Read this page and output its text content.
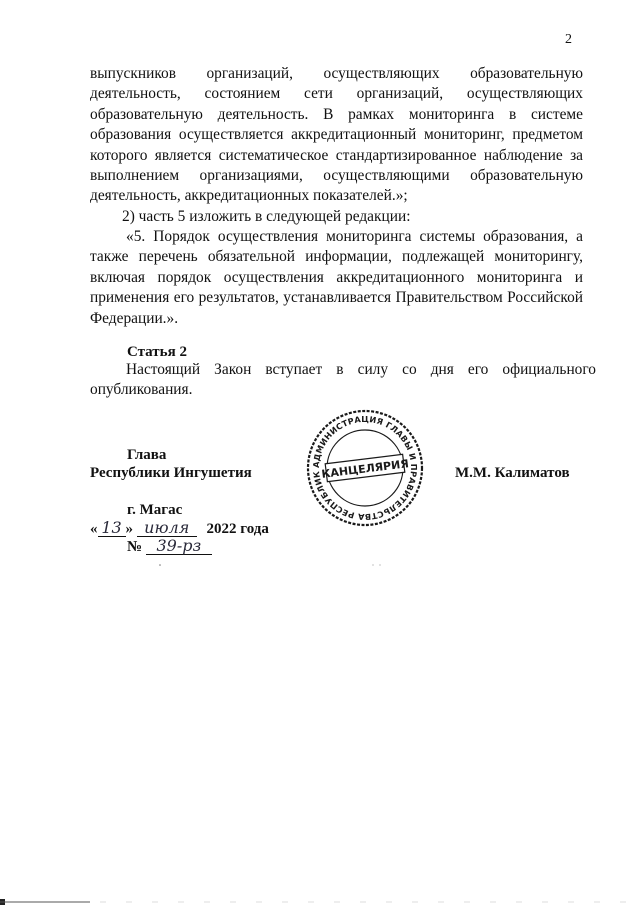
2

выпускников организаций, осуществляющих образовательную деятельность, состоянием сети организаций, осуществляющих образовательную деятельность. В рамках мониторинга в системе образования осуществляется аккредитационный мониторинг, предметом которого является систематическое стандартизированное наблюдение за выполнением организациями, осуществляющими образовательную деятельность, аккредитационных показателей.»;

2) часть 5 изложить в следующей редакции:

«5. Порядок осуществления мониторинга системы образования, а также перечень обязательной информации, подлежащей мониторингу, включая порядок осуществления аккредитационного мониторинга и применения его результатов, устанавливается Правительством Российской Федерации.».

Статья 2

Настоящий Закон вступает в силу со дня его официального опубликования.

Глава
Республики Ингушетия	М.М. Калиматов
АДМИНИСТРАЦИЯ ГЛАВЫ И ПРАВИТЕЛЬСТВА РЕСПУБЛИК
КАНЦЕЛЯРИЯ
г. Магас
« 13 » июля 2022 года
№ 39-рз
